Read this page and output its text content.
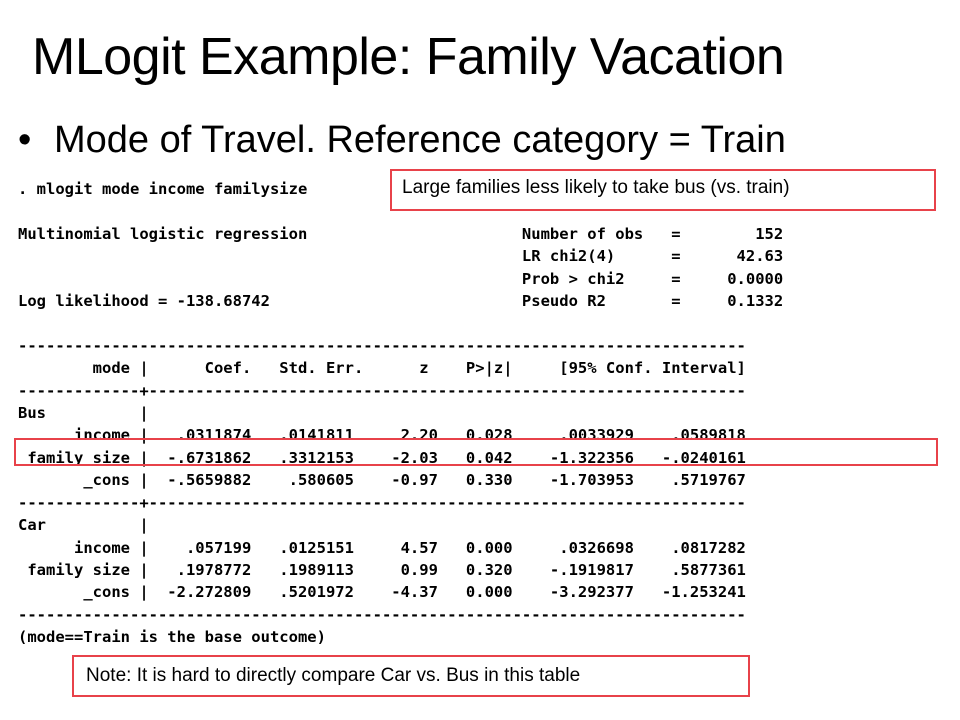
MLogit Example: Family Vacation
• Mode of Travel. Reference category = Train
. mlogit mode income familysize

Multinomial logistic regression                       Number of obs   =        152
LR chi2(4)      =      42.63
Prob > chi2     =     0.0000
Log likelihood = -138.68742                           Pseudo R2       =     0.1332

------------------------------------------------------------------------------
mode |      Coef.   Std. Err.      z    P>|z|     [95% Conf. Interval]
-------------+----------------------------------------------------------------
Bus          |
income |   .0311874   .0141811     2.20   0.028     .0033929    .0589818
family size |  -.6731862   .3312153    -2.03   0.042    -1.322356   -.0240161
_cons |  -.5659882    .580605    -0.97   0.330    -1.703953    .5719767
-------------+----------------------------------------------------------------
Car          |
income |    .057199   .0125151     4.57   0.000     .0326698    .0817282
family size |   .1978772   .1989113     0.99   0.320    -.1919817    .5877361
_cons |  -2.272809   .5201972    -4.37   0.000    -3.292377   -1.253241
------------------------------------------------------------------------------
(mode==Train is the base outcome)

Large families less likely to take bus (vs. train)
Note: It is hard to directly compare Car vs. Bus in this table
